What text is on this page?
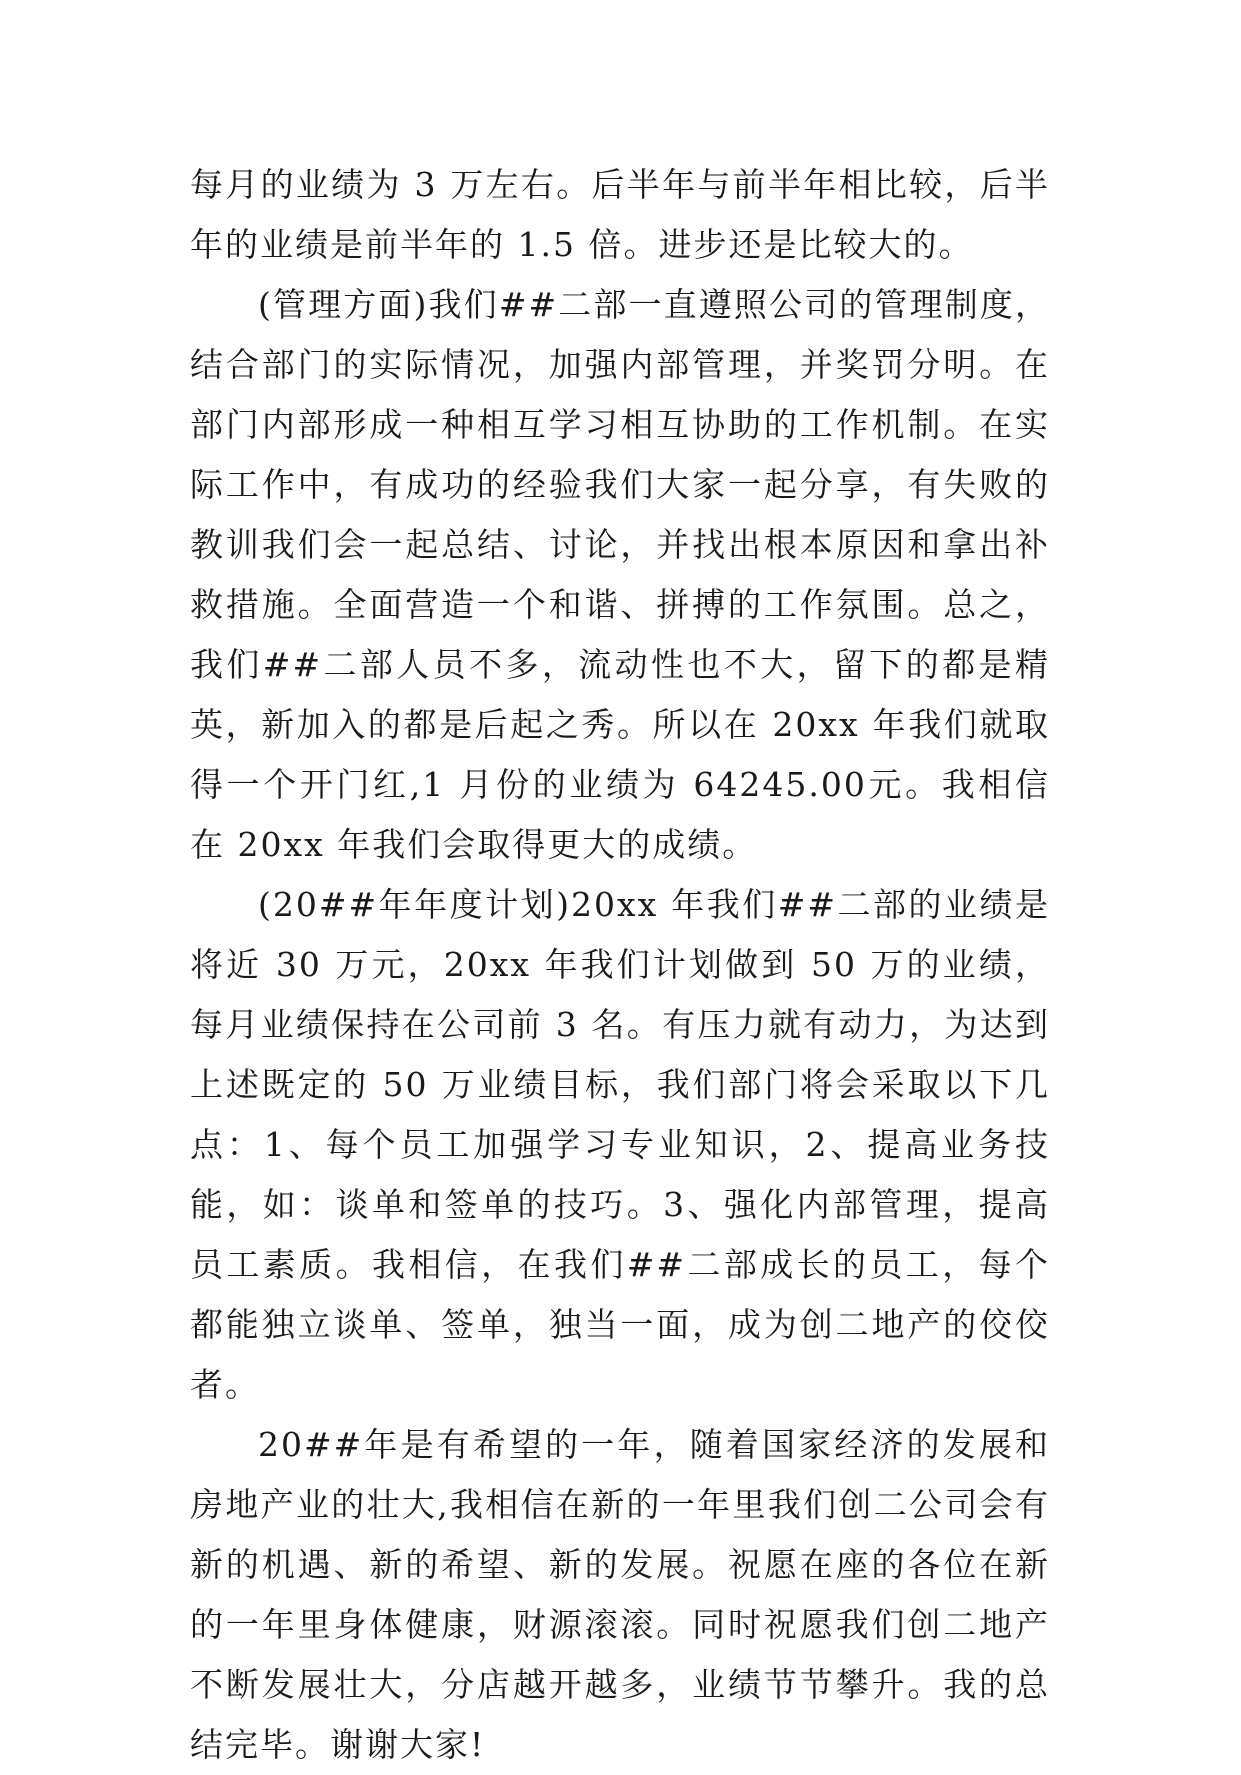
每月的业绩为 3 万左右。后半年与前半年相比较，后半年的业绩是前半年的 1.5 倍。进步还是比较大的。

(管理方面)我们##二部一直遵照公司的管理制度，结合部门的实际情况，加强内部管理，并奖罚分明。在部门内部形成一种相互学习相互协助的工作机制。在实际工作中，有成功的经验我们大家一起分享，有失败的教训我们会一起总结、讨论，并找出根本原因和拿出补救措施。全面营造一个和谐、拼搏的工作氛围。总之，我们##二部人员不多，流动性也不大，留下的都是精英，新加入的都是后起之秀。所以在 20xx 年我们就取得一个开门红,1 月份的业绩为 64245.00元。我相信在 20xx 年我们会取得更大的成绩。

(20##年年度计划)20xx 年我们##二部的业绩是将近 30 万元，20xx 年我们计划做到 50 万的业绩，每月业绩保持在公司前 3 名。有压力就有动力，为达到上述既定的 50 万业绩目标，我们部门将会采取以下几点：1、每个员工加强学习专业知识，2、提高业务技能，如：谈单和签单的技巧。3、强化内部管理，提高员工素质。我相信，在我们##二部成长的员工，每个都能独立谈单、签单，独当一面，成为创二地产的佼佼者。

20##年是有希望的一年，随着国家经济的发展和房地产业的壮大,我相信在新的一年里我们创二公司会有新的机遇、新的希望、新的发展。祝愿在座的各位在新的一年里身体健康，财源滚滚。同时祝愿我们创二地产不断发展壮大，分店越开越多，业绩节节攀升。我的总结完毕。谢谢大家!
